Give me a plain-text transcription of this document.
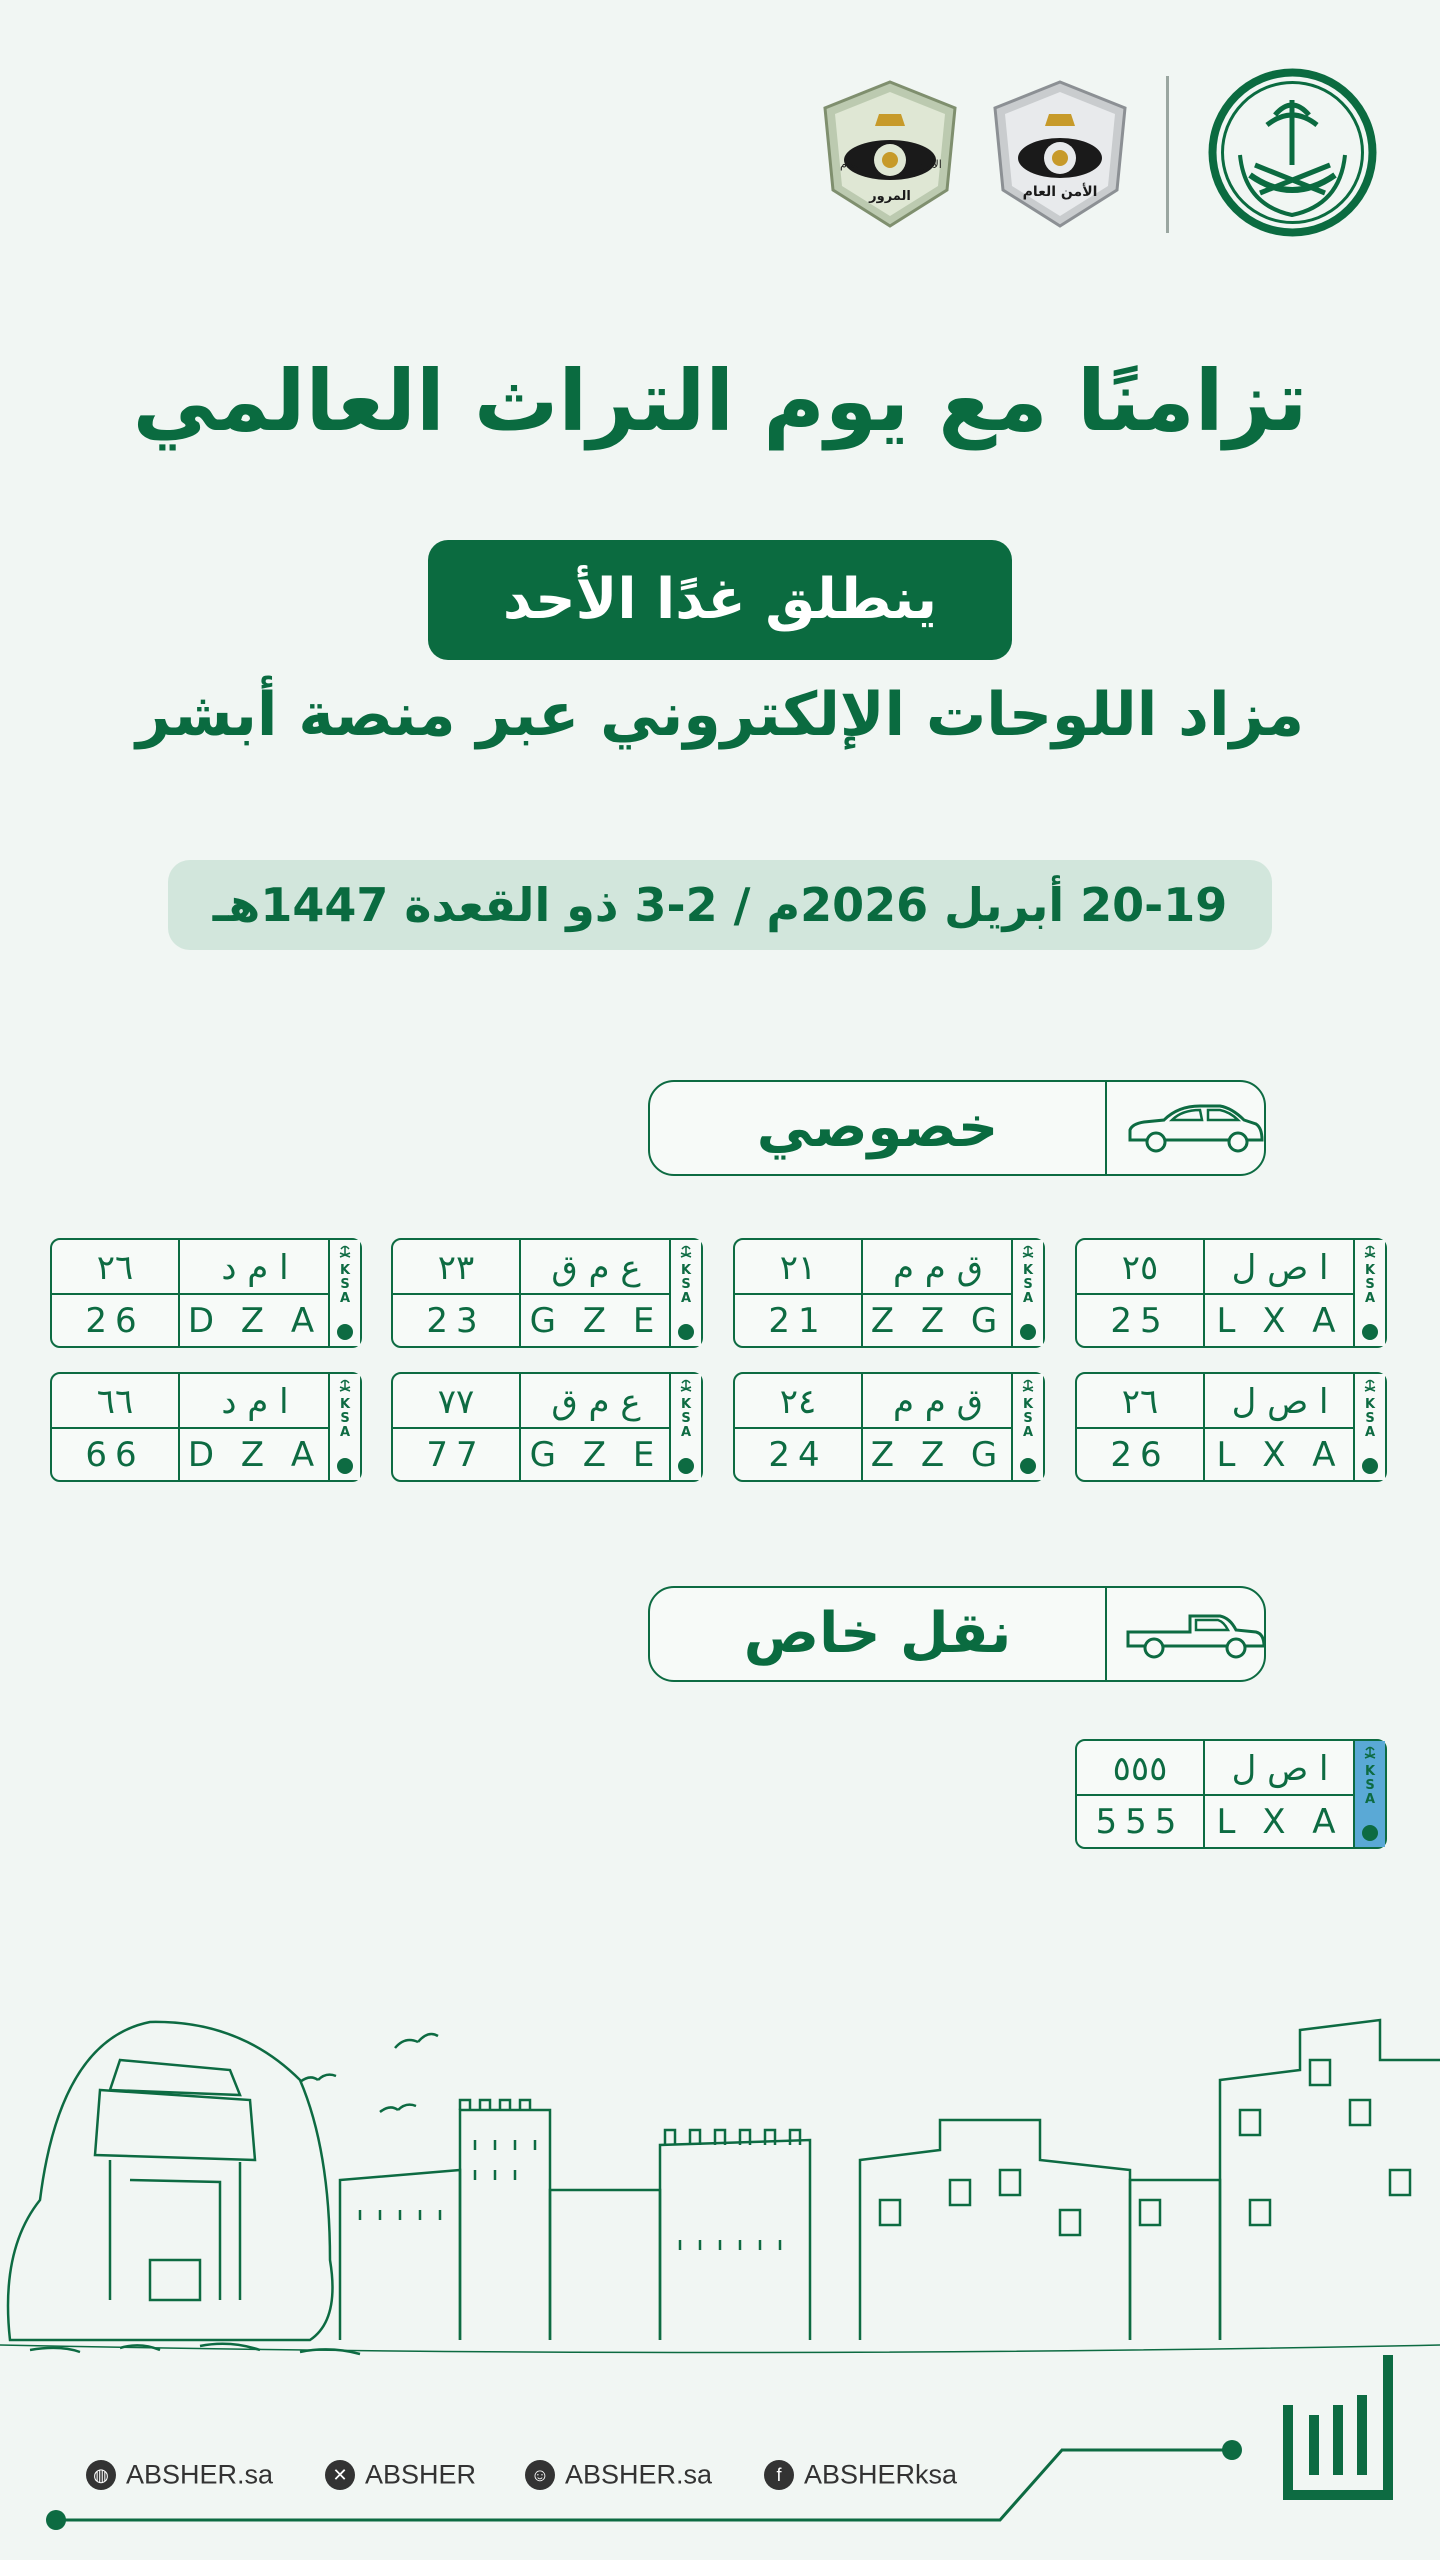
الأمن العام
الأمن
العام
المرور
تزامنًا مع يوم التراث العالمي
ينطلق غدًا الأحد
مزاد اللوحات الإلكتروني عبر منصة أبشر
20-19 أبريل 2026م / 2-3 ذو القعدة 1447هـ
خصوصي
٢٥	ا ص ل
25	L X A
K
S
A
٢١	ق م م
21	Z Z G
K
S
A
٢٣	ع م ق
23	G Z E
K
S
A
٢٦	ا م د
26	D Z A
K
S
A
٢٦	ا ص ل
26	L X A
K
S
A
٢٤	ق م م
24	Z Z G
K
S
A
٧٧	ع م ق
77	G Z E
K
S
A
٦٦	ا م د
66	D Z A
K
S
A
نقل خاص
٥٥٥	ا ص ل
555 L X A
K
S
A
◍ ABSHER.sa	✕ ABSHER	☺ ABSHER.sa	f ABSHERksa
